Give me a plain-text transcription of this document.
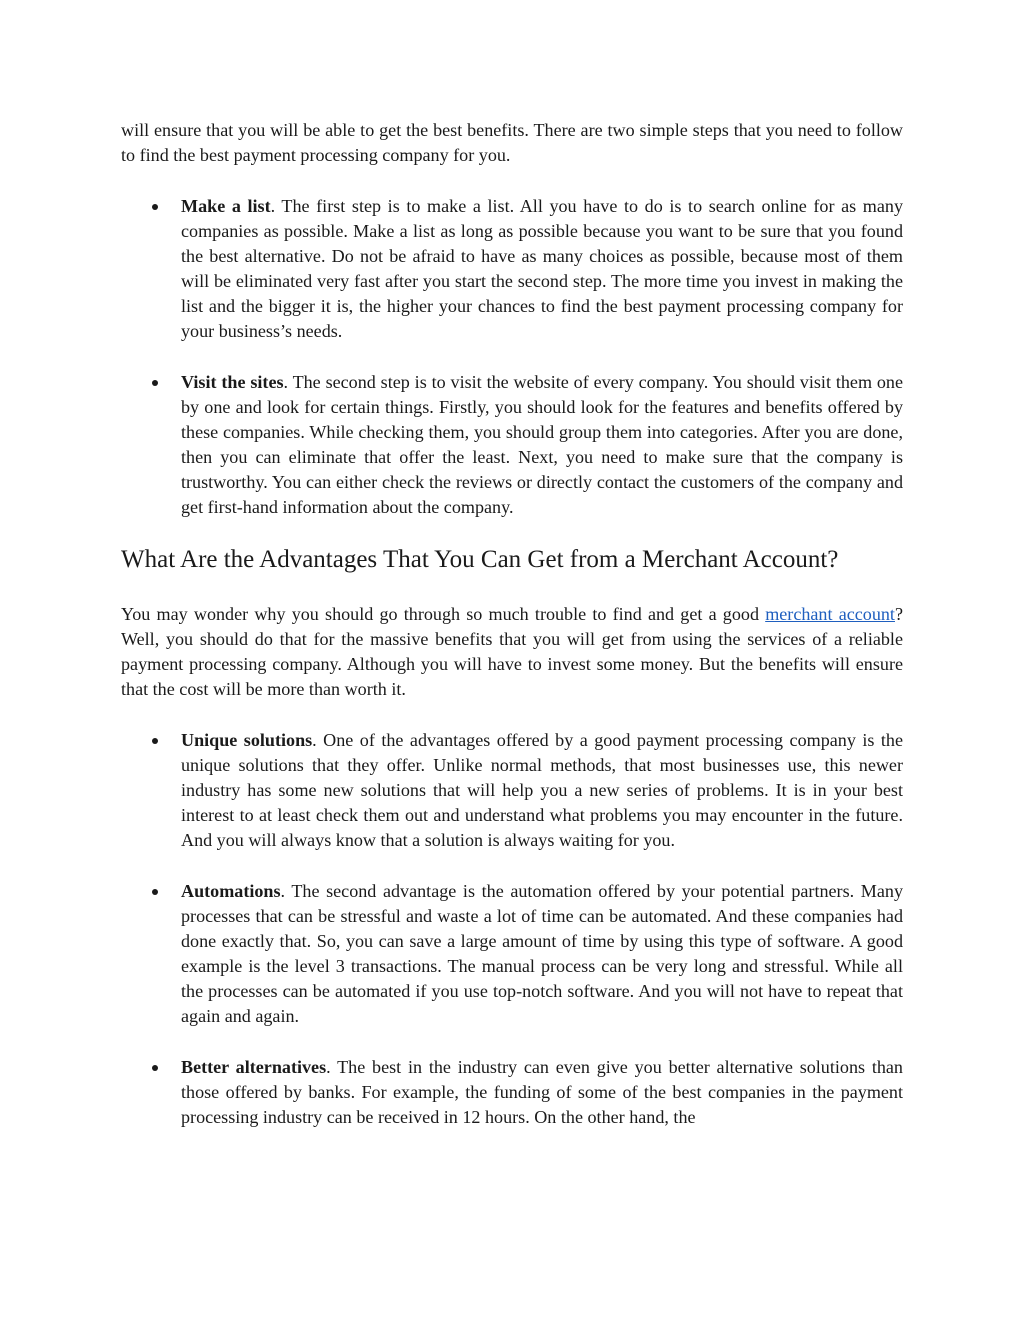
will ensure that you will be able to get the best benefits. There are two simple steps that you need to follow to find the best payment processing company for you.

Make a list. The first step is to make a list. All you have to do is to search online for as many companies as possible. Make a list as long as possible because you want to be sure that you found the best alternative. Do not be afraid to have as many choices as possible, because most of them will be eliminated very fast after you start the second step. The more time you invest in making the list and the bigger it is, the higher your chances to find the best payment processing company for your business’s needs.

Visit the sites. The second step is to visit the website of every company. You should visit them one by one and look for certain things. Firstly, you should look for the features and benefits offered by these companies. While checking them, you should group them into categories. After you are done, then you can eliminate that offer the least. Next, you need to make sure that the company is trustworthy. You can either check the reviews or directly contact the customers of the company and get first-hand information about the company.

What Are the Advantages That You Can Get from a Merchant Account?

You may wonder why you should go through so much trouble to find and get a good merchant account? Well, you should do that for the massive benefits that you will get from using the services of a reliable payment processing company. Although you will have to invest some money. But the benefits will ensure that the cost will be more than worth it.

Unique solutions. One of the advantages offered by a good payment processing company is the unique solutions that they offer. Unlike normal methods, that most businesses use, this newer industry has some new solutions that will help you a new series of problems. It is in your best interest to at least check them out and understand what problems you may encounter in the future. And you will always know that a solution is always waiting for you.

Automations. The second advantage is the automation offered by your potential partners. Many processes that can be stressful and waste a lot of time can be automated. And these companies had done exactly that. So, you can save a large amount of time by using this type of software. A good example is the level 3 transactions. The manual process can be very long and stressful. While all the processes can be automated if you use top-notch software. And you will not have to repeat that again and again.

Better alternatives. The best in the industry can even give you better alternative solutions than those offered by banks. For example, the funding of some of the best companies in the payment processing industry can be received in 12 hours. On the other hand, the
